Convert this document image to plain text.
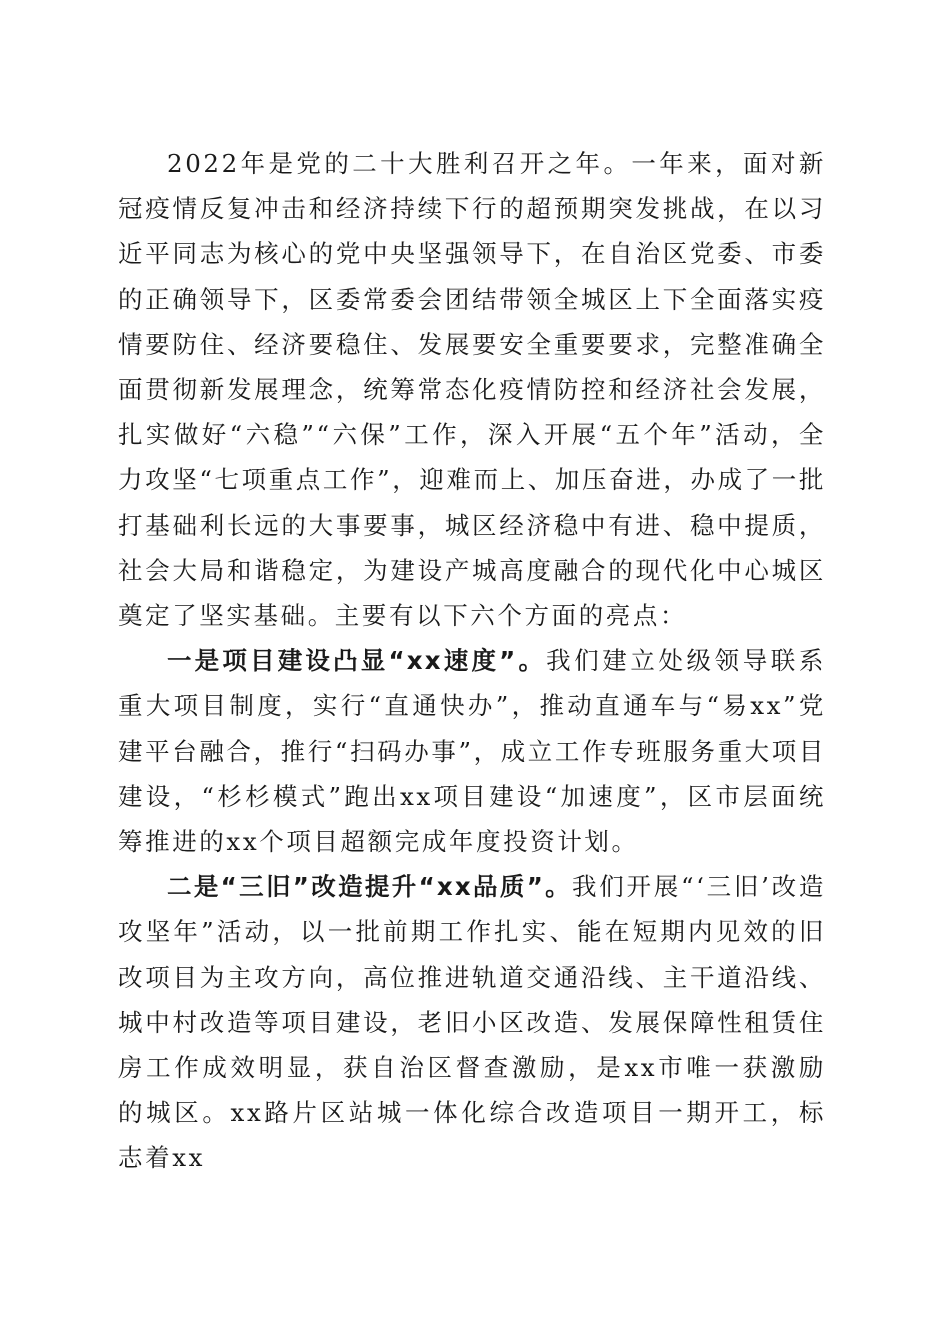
2022年是党的二十大胜利召开之年。一年来，面对新冠疫情反复冲击和经济持续下行的超预期突发挑战，在以习近平同志为核心的党中央坚强领导下，在自治区党委、市委的正确领导下，区委常委会团结带领全城区上下全面落实疫情要防住、经济要稳住、发展要安全重要要求，完整准确全面贯彻新发展理念，统筹常态化疫情防控和经济社会发展，扎实做好“六稳”“六保”工作，深入开展“五个年”活动，全力攻坚“七项重点工作”，迎难而上、加压奋进，办成了一批打基础利长远的大事要事，城区经济稳中有进、稳中提质，社会大局和谐稳定，为建设产城高度融合的现代化中心城区奠定了坚实基础。主要有以下六个方面的亮点：

一是项目建设凸显“xx速度”。我们建立处级领导联系重大项目制度，实行“直通快办”，推动直通车与“易xx”党建平台融合，推行“扫码办事”，成立工作专班服务重大项目建设，“杉杉模式”跑出xx项目建设“加速度”，区市层面统筹推进的xx个项目超额完成年度投资计划。

二是“三旧”改造提升“xx品质”。我们开展“‘三旧’改造攻坚年”活动，以一批前期工作扎实、能在短期内见效的旧改项目为主攻方向，高位推进轨道交通沿线、主干道沿线、城中村改造等项目建设，老旧小区改造、发展保障性租赁住房工作成效明显，获自治区督查激励，是xx市唯一获激励的城区。xx路片区站城一体化综合改造项目一期开工，标志着xx
